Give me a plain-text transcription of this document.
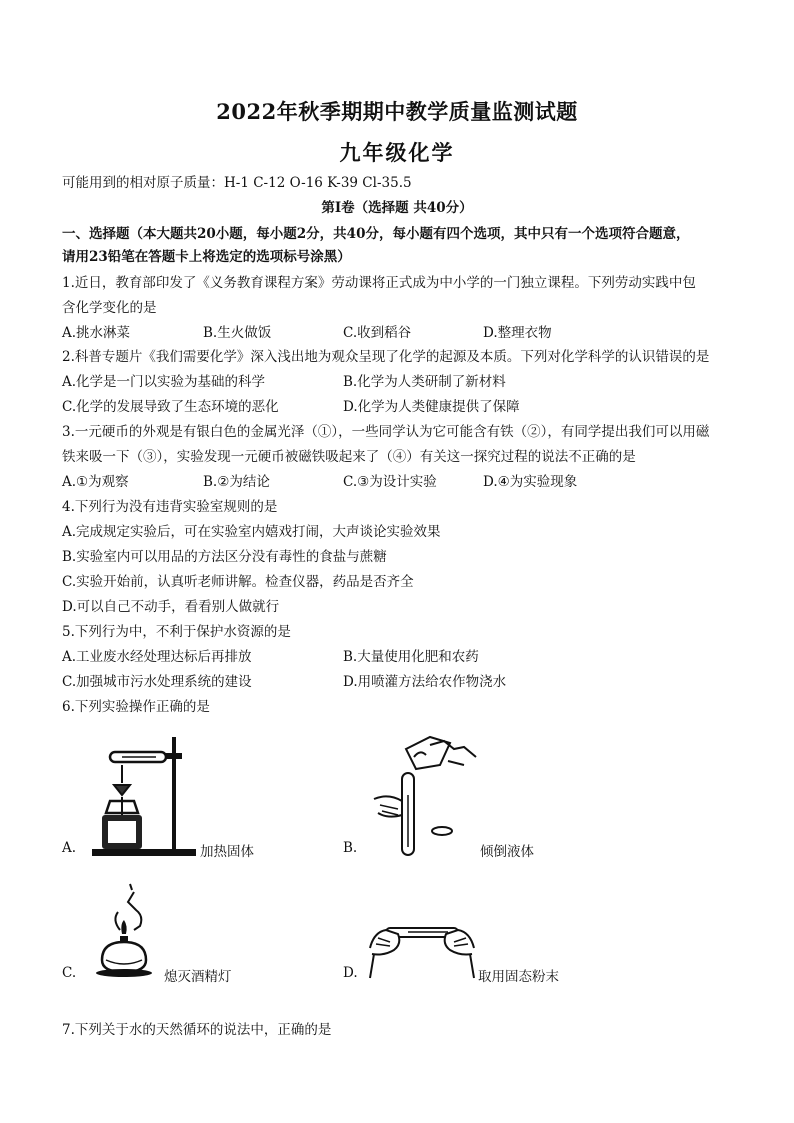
2022年秋季期期中教学质量监测试题
九年级化学
可能用到的相对原子质量：H-1 C-12 O-16 K-39 Cl-35.5
第Ⅰ卷（选择题 共40分）
一、选择题（本大题共20小题，每小题2分，共40分，每小题有四个选项，其中只有一个选项符合题意，
请用23铅笔在答题卡上将选定的选项标号涂黑）
1.近日，教育部印发了《义务教育课程方案》劳动课将正式成为中小学的一门独立课程。下列劳动实践中包
含化学变化的是
A.挑水淋菜	B.生火做饭	C.收到稻谷	D.整理衣物
2.科普专题片《我们需要化学》深入浅出地为观众呈现了化学的起源及本质。下列对化学科学的认识错误的是
A.化学是一门以实验为基础的科学	B.化学为人类研制了新材料
C.化学的发展导致了生态环境的恶化	D.化学为人类健康提供了保障
3.一元硬币的外观是有银白色的金属光泽（①），一些同学认为它可能含有铁（②），有同学提出我们可以用磁
铁来吸一下（③），实验发现一元硬币被磁铁吸起来了（④）有关这一探究过程的说法不正确的是
A.①为观察	B.②为结论	C.③为设计实验	D.④为实验现象
4.下列行为没有违背实验室规则的是
A.完成规定实验后，可在实验室内嬉戏打闹，大声谈论实验效果
B.实验室内可以用品的方法区分没有毒性的食盐与蔗糖
C.实验开始前，认真听老师讲解。检查仪器，药品是否齐全
D.可以自己不动手，看看别人做就行
5.下列行为中，不利于保护水资源的是
A.工业废水经处理达标后再排放	B.大量使用化肥和农药
C.加强城市污水处理系统的建设	D.用喷灌方法给农作物浇水
6.下列实验操作正确的是
A.	加热固体	B.	倾倒液体
C.	熄灭酒精灯	D.	取用固态粉末
7.下列关于水的天然循环的说法中，正确的是
